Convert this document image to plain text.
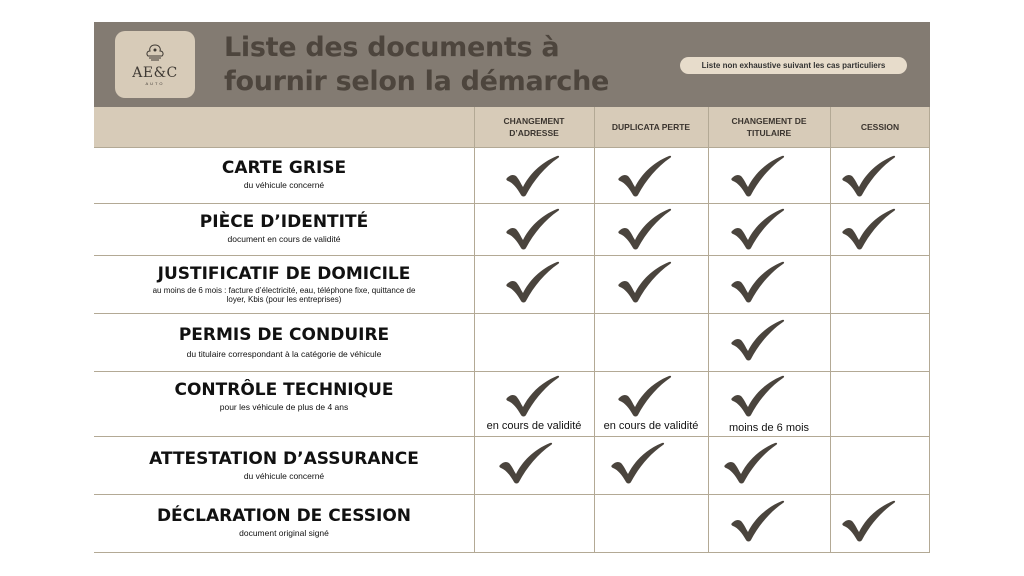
AE&C
AUTO
Liste des documents à
fournir selon la démarche
Liste non exhaustive suivant les cas particuliers
CHANGEMENT
D’ADRESSE
DUPLICATA PERTE
CHANGEMENT DE
TITULAIRE
CESSION
CARTE GRISE
du véhicule concerné
PIÈCE D’IDENTITÉ
document en cours de validité
JUSTIFICATIF DE DOMICILE
au moins de 6 mois : facture d’électricité, eau, téléphone fixe, quittance de
loyer, Kbis (pour les entreprises)
PERMIS DE CONDUIRE
du titulaire correspondant à la catégorie de véhicule
CONTRÔLE TECHNIQUE
pour les véhicule de plus de 4 ans
ATTESTATION D’ASSURANCE
du véhicule concerné
DÉCLARATION DE CESSION
document original signé
en cours de validité	en cours de validité	moins de 6 mois
